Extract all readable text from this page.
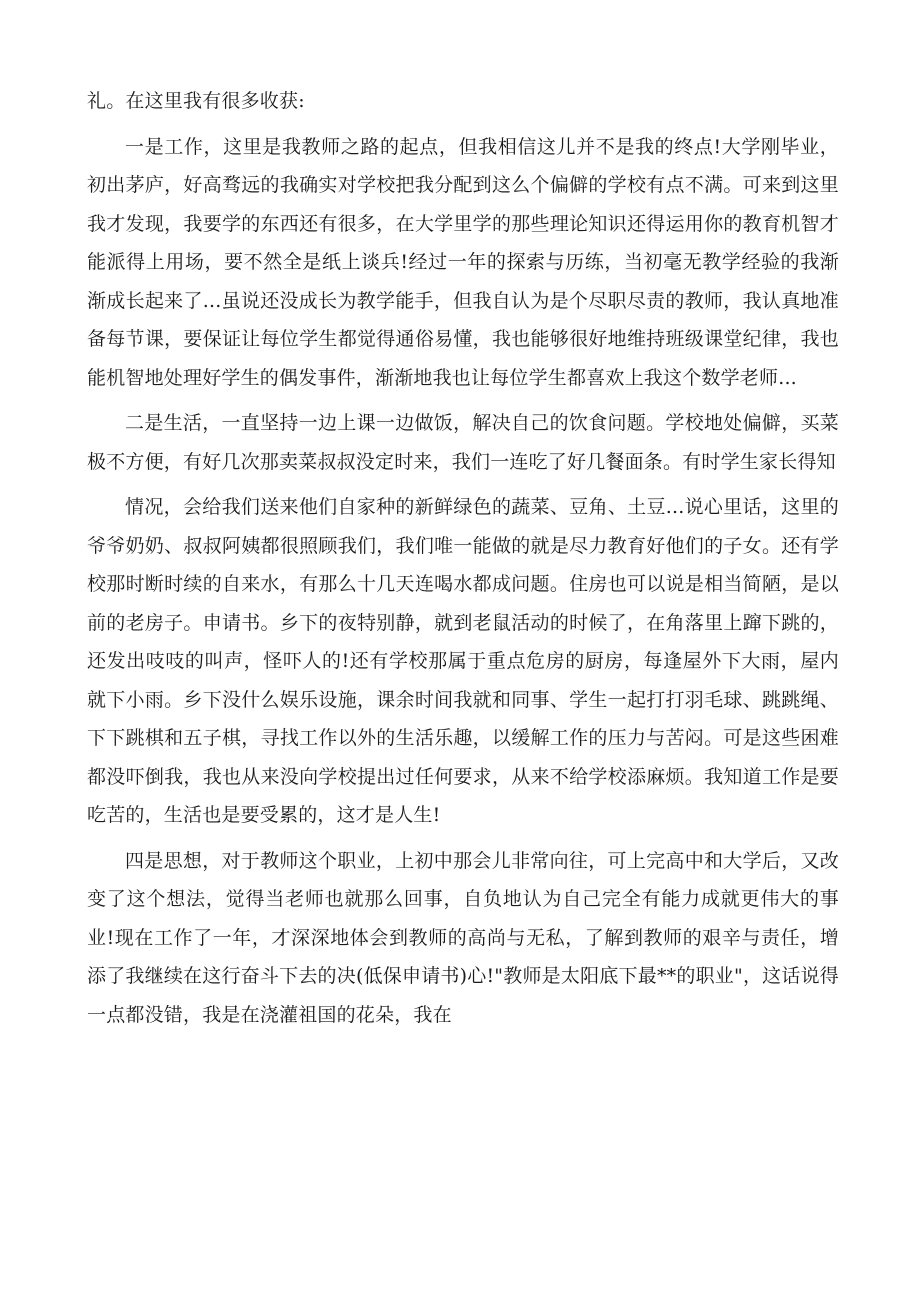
礼。在这里我有很多收获:

一是工作，这里是我教师之路的起点，但我相信这儿并不是我的终点!大学刚毕业，初出茅庐，好高骛远的我确实对学校把我分配到这么个偏僻的学校有点不满。可来到这里我才发现，我要学的东西还有很多，在大学里学的那些理论知识还得运用你的教育机智才能派得上用场，要不然全是纸上谈兵!经过一年的探索与历练，当初毫无教学经验的我渐渐成长起来了...虽说还没成长为教学能手，但我自认为是个尽职尽责的教师，我认真地准备每节课，要保证让每位学生都觉得通俗易懂，我也能够很好地维持班级课堂纪律，我也能机智地处理好学生的偶发事件，渐渐地我也让每位学生都喜欢上我这个数学老师...

二是生活，一直坚持一边上课一边做饭，解决自己的饮食问题。学校地处偏僻，买菜极不方便，有好几次那卖菜叔叔没定时来，我们一连吃了好几餐面条。有时学生家长得知

情况，会给我们送来他们自家种的新鲜绿色的蔬菜、豆角、土豆...说心里话，这里的爷爷奶奶、叔叔阿姨都很照顾我们，我们唯一能做的就是尽力教育好他们的子女。还有学校那时断时续的自来水，有那么十几天连喝水都成问题。住房也可以说是相当简陋，是以前的老房子。申请书。乡下的夜特别静，就到老鼠活动的时候了，在角落里上蹿下跳的，还发出吱吱的叫声，怪吓人的!还有学校那属于重点危房的厨房，每逢屋外下大雨，屋内就下小雨。乡下没什么娱乐设施，课余时间我就和同事、学生一起打打羽毛球、跳跳绳、下下跳棋和五子棋，寻找工作以外的生活乐趣，以缓解工作的压力与苦闷。可是这些困难都没吓倒我，我也从来没向学校提出过任何要求，从来不给学校添麻烦。我知道工作是要吃苦的，生活也是要受累的，这才是人生!

四是思想，对于教师这个职业，上初中那会儿非常向往，可上完高中和大学后，又改变了这个想法，觉得当老师也就那么回事，自负地认为自己完全有能力成就更伟大的事业!现在工作了一年，才深深地体会到教师的高尚与无私，了解到教师的艰辛与责任，增添了我继续在这行奋斗下去的决(低保申请书)心!"教师是太阳底下最**的职业"，这话说得一点都没错，我是在浇灌祖国的花朵，我在
